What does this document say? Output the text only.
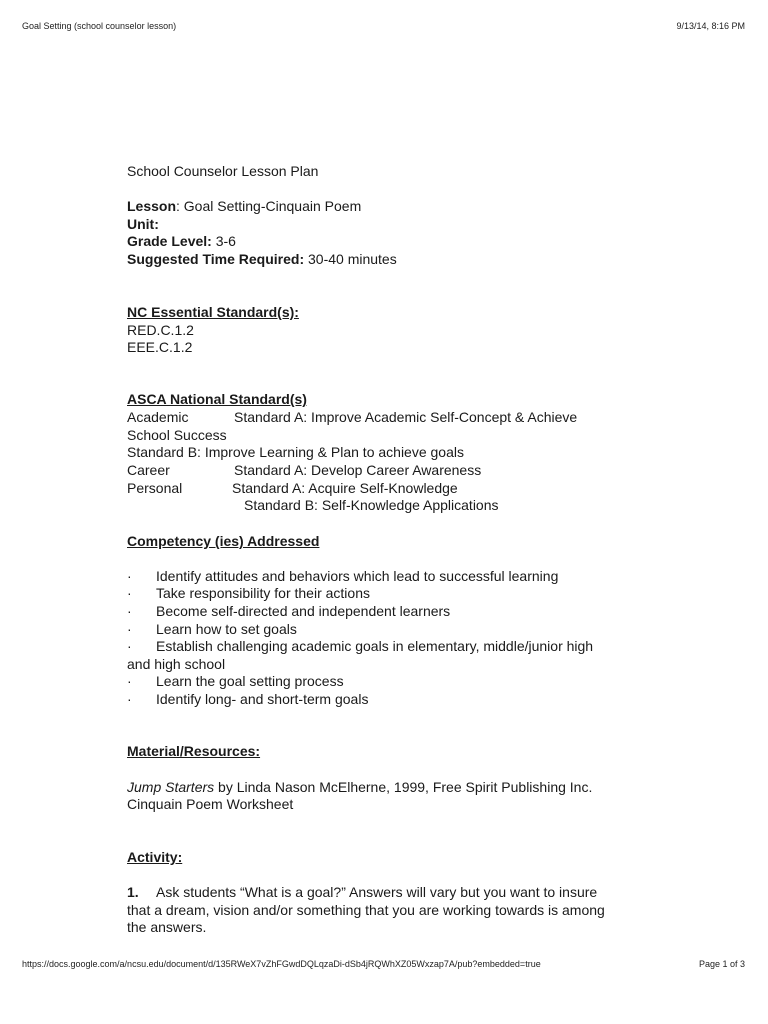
Goal Setting (school counselor lesson)	9/13/14, 8:16 PM
School Counselor Lesson Plan
Lesson: Goal Setting-Cinquain Poem
Unit:
Grade Level: 3-6
Suggested Time Required: 30-40 minutes
NC Essential Standard(s):
RED.C.1.2
EEE.C.1.2
ASCA National Standard(s)
Academic	Standard A: Improve Academic Self-Concept & Achieve
School Success
Standard B: Improve Learning & Plan to achieve goals
Career	Standard A: Develop Career Awareness
Personal	Standard A: Acquire Self-Knowledge
Standard B: Self-Knowledge Applications
Competency (ies) Addressed
· Identify attitudes and behaviors which lead to successful learning
· Take responsibility for their actions
· Become self-directed and independent learners
· Learn how to set goals
· Establish challenging academic goals in elementary, middle/junior high
and high school
· Learn the goal setting process
· Identify long- and short-term goals
Material/Resources:
Jump Starters by Linda Nason McElherne, 1999, Free Spirit Publishing Inc.
Cinquain Poem Worksheet
Activity:
1. Ask students “What is a goal?” Answers will vary but you want to insure
that a dream, vision and/or something that you are working towards is among
the answers.
https://docs.google.com/a/ncsu.edu/document/d/135RWeX7vZhFGwdDQLqzaDi-dSb4jRQWhXZ05Wxzap7A/pub?embedded=true	Page 1 of 3
